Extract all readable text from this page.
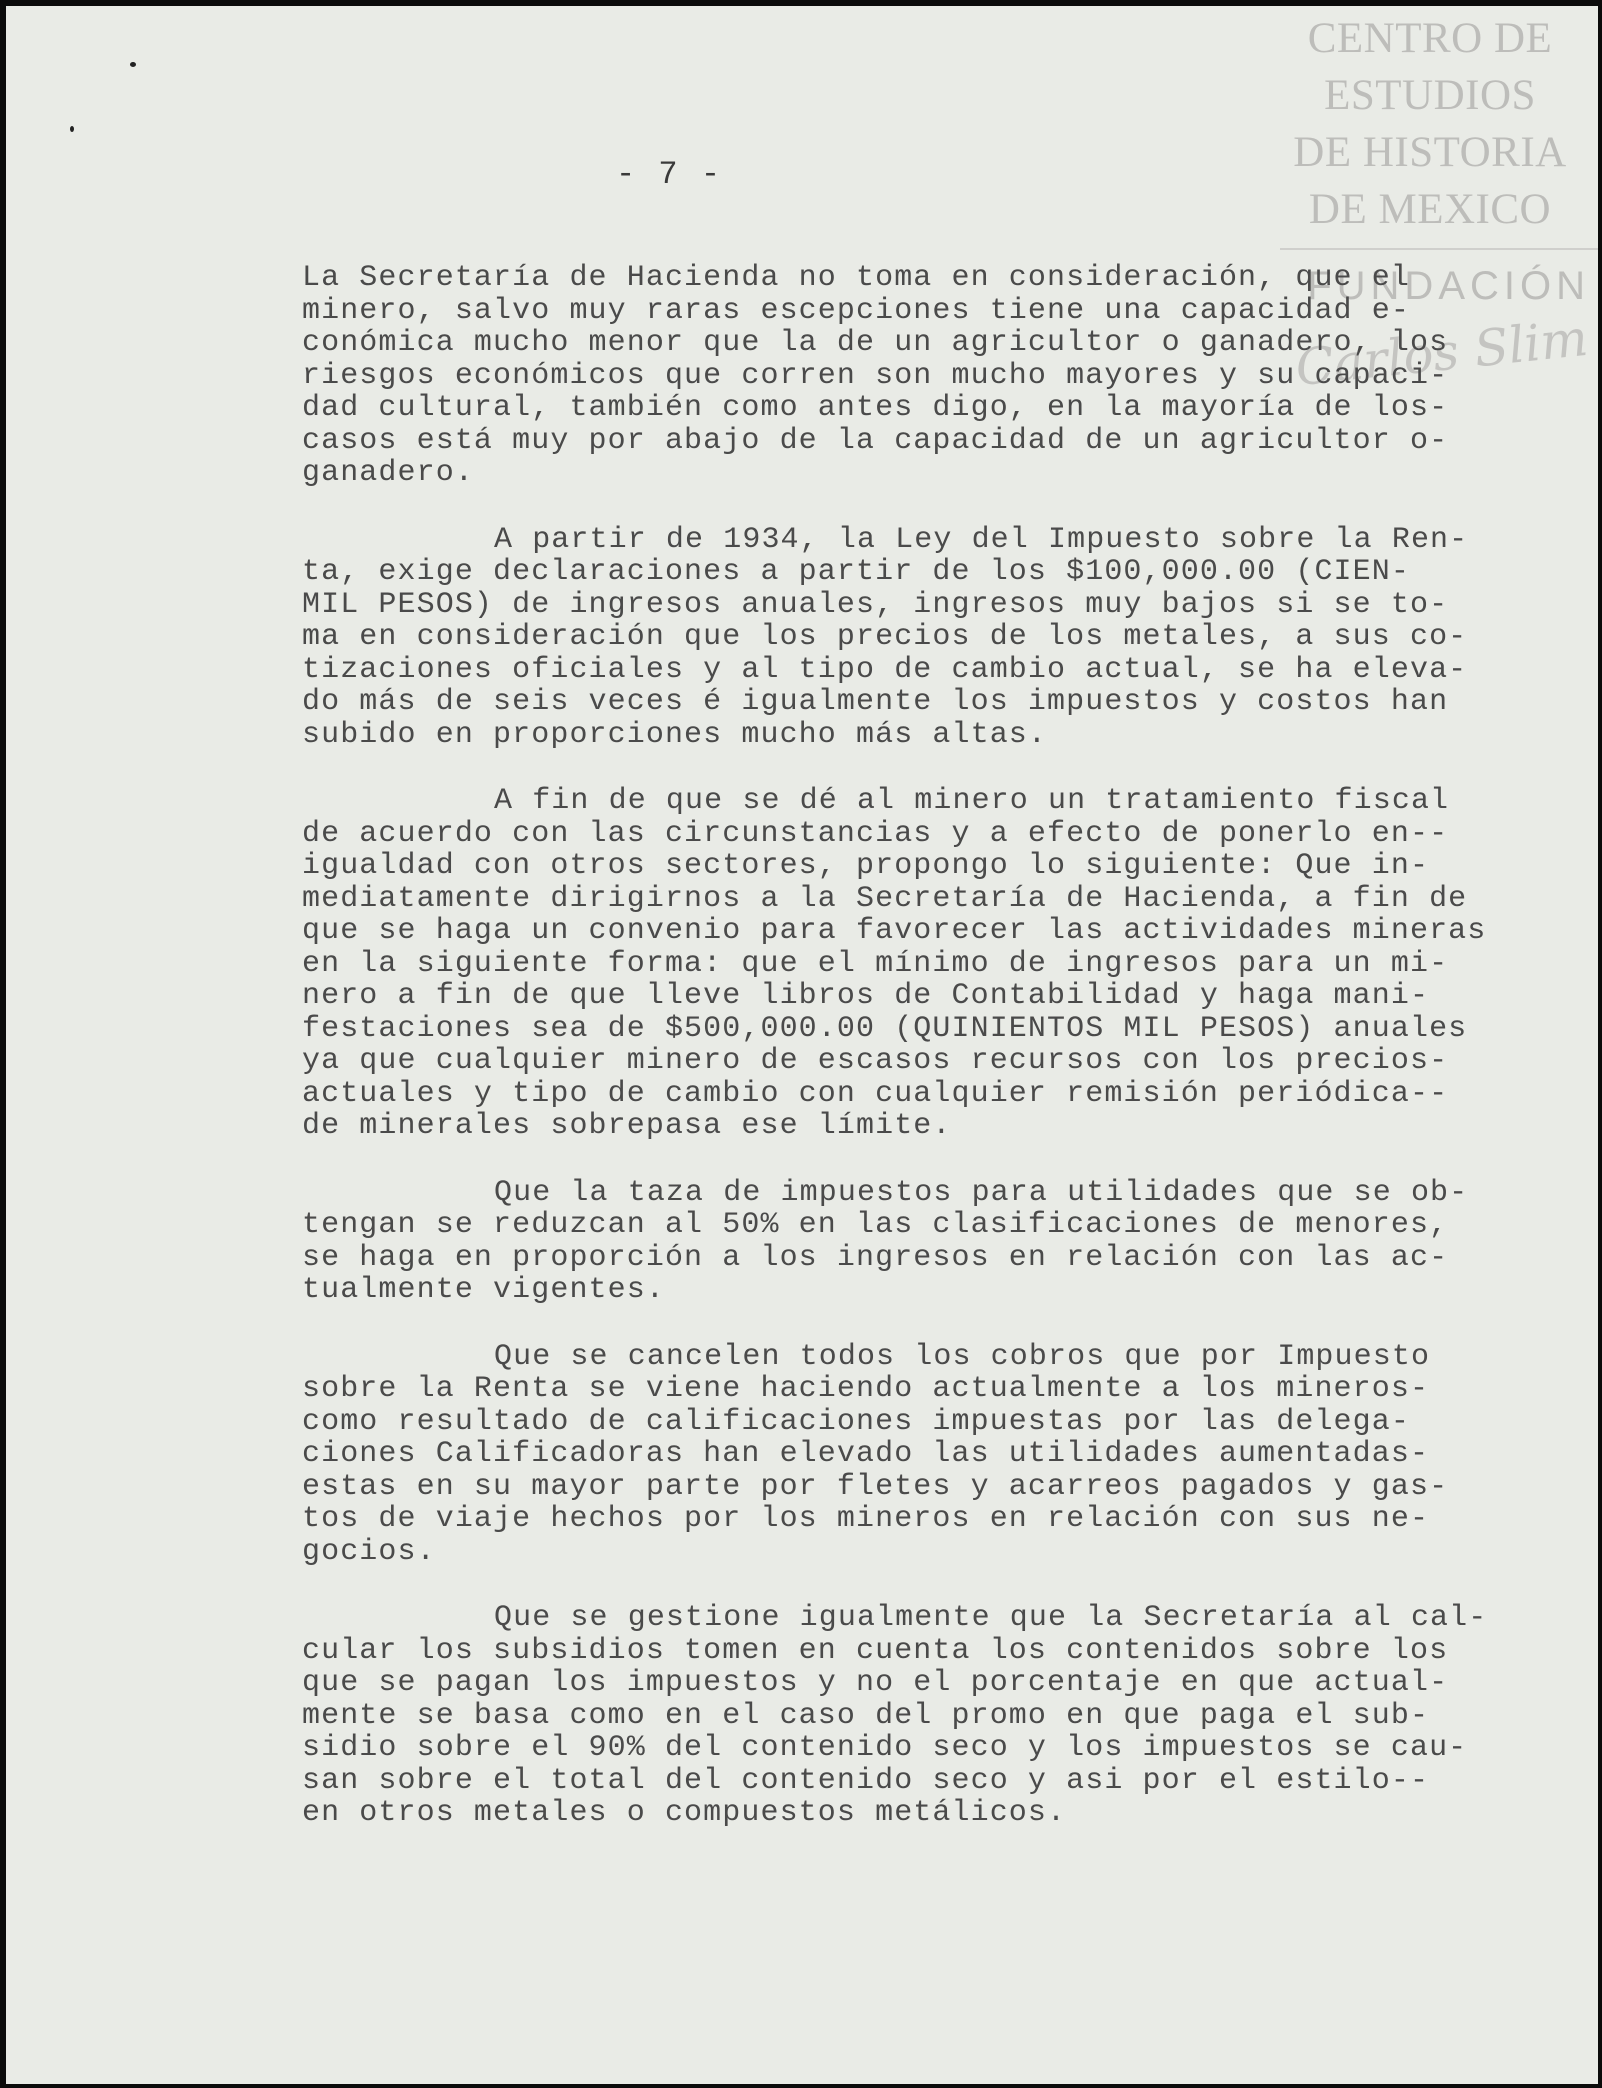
CENTRO DE
ESTUDIOS
DE HISTORIA
DE MEXICO
FUNDACIÓN
Carlos Slim
- 7 -
La Secretaría de Hacienda no toma en consideración, que el
minero, salvo muy raras escepciones tiene una capacidad e-
conómica mucho menor que la de un agricultor o ganadero, los
riesgos económicos que corren son mucho mayores y su capaci-
dad cultural, también como antes digo, en la mayoría de los-
casos está muy por abajo de la capacidad de un agricultor o-
ganadero.
A partir de 1934, la Ley del Impuesto sobre la Ren-
ta, exige declaraciones a partir de los $100,000.00 (CIEN-
MIL PESOS) de ingresos anuales, ingresos muy bajos si se to-
ma en consideración que los precios de los metales, a sus co-
tizaciones oficiales y al tipo de cambio actual, se ha eleva-
do más de seis veces é igualmente los impuestos y costos han
subido en proporciones mucho más altas.
A fin de que se dé al minero un tratamiento fiscal
de acuerdo con las circunstancias y a efecto de ponerlo en--
igualdad con otros sectores, propongo lo siguiente: Que in-
mediatamente dirigirnos a la Secretaría de Hacienda, a fin de
que se haga un convenio para favorecer las actividades mineras
en la siguiente forma: que el mínimo de ingresos para un mi-
nero a fin de que lleve libros de Contabilidad y haga mani-
festaciones sea de $500,000.00 (QUINIENTOS MIL PESOS) anuales
ya que cualquier minero de escasos recursos con los precios-
actuales y tipo de cambio con cualquier remisión periódica--
de minerales sobrepasa ese límite.
Que la taza de impuestos para utilidades que se ob-
tengan se reduzcan al 50% en las clasificaciones de menores,
se haga en proporción a los ingresos en relación con las ac-
tualmente vigentes.
Que se cancelen todos los cobros que por Impuesto
sobre la Renta se viene haciendo actualmente a los mineros-
como resultado de calificaciones impuestas por las delega-
ciones Calificadoras han elevado las utilidades aumentadas-
estas en su mayor parte por fletes y acarreos pagados y gas-
tos de viaje hechos por los mineros en relación con sus ne-
gocios.
Que se gestione igualmente que la Secretaría al cal-
cular los subsidios tomen en cuenta los contenidos sobre los
que se pagan los impuestos y no el porcentaje en que actual-
mente se basa como en el caso del promo en que paga el sub-
sidio sobre el 90% del contenido seco y los impuestos se cau-
san sobre el total del contenido seco y asi por el estilo--
en otros metales o compuestos metálicos.
